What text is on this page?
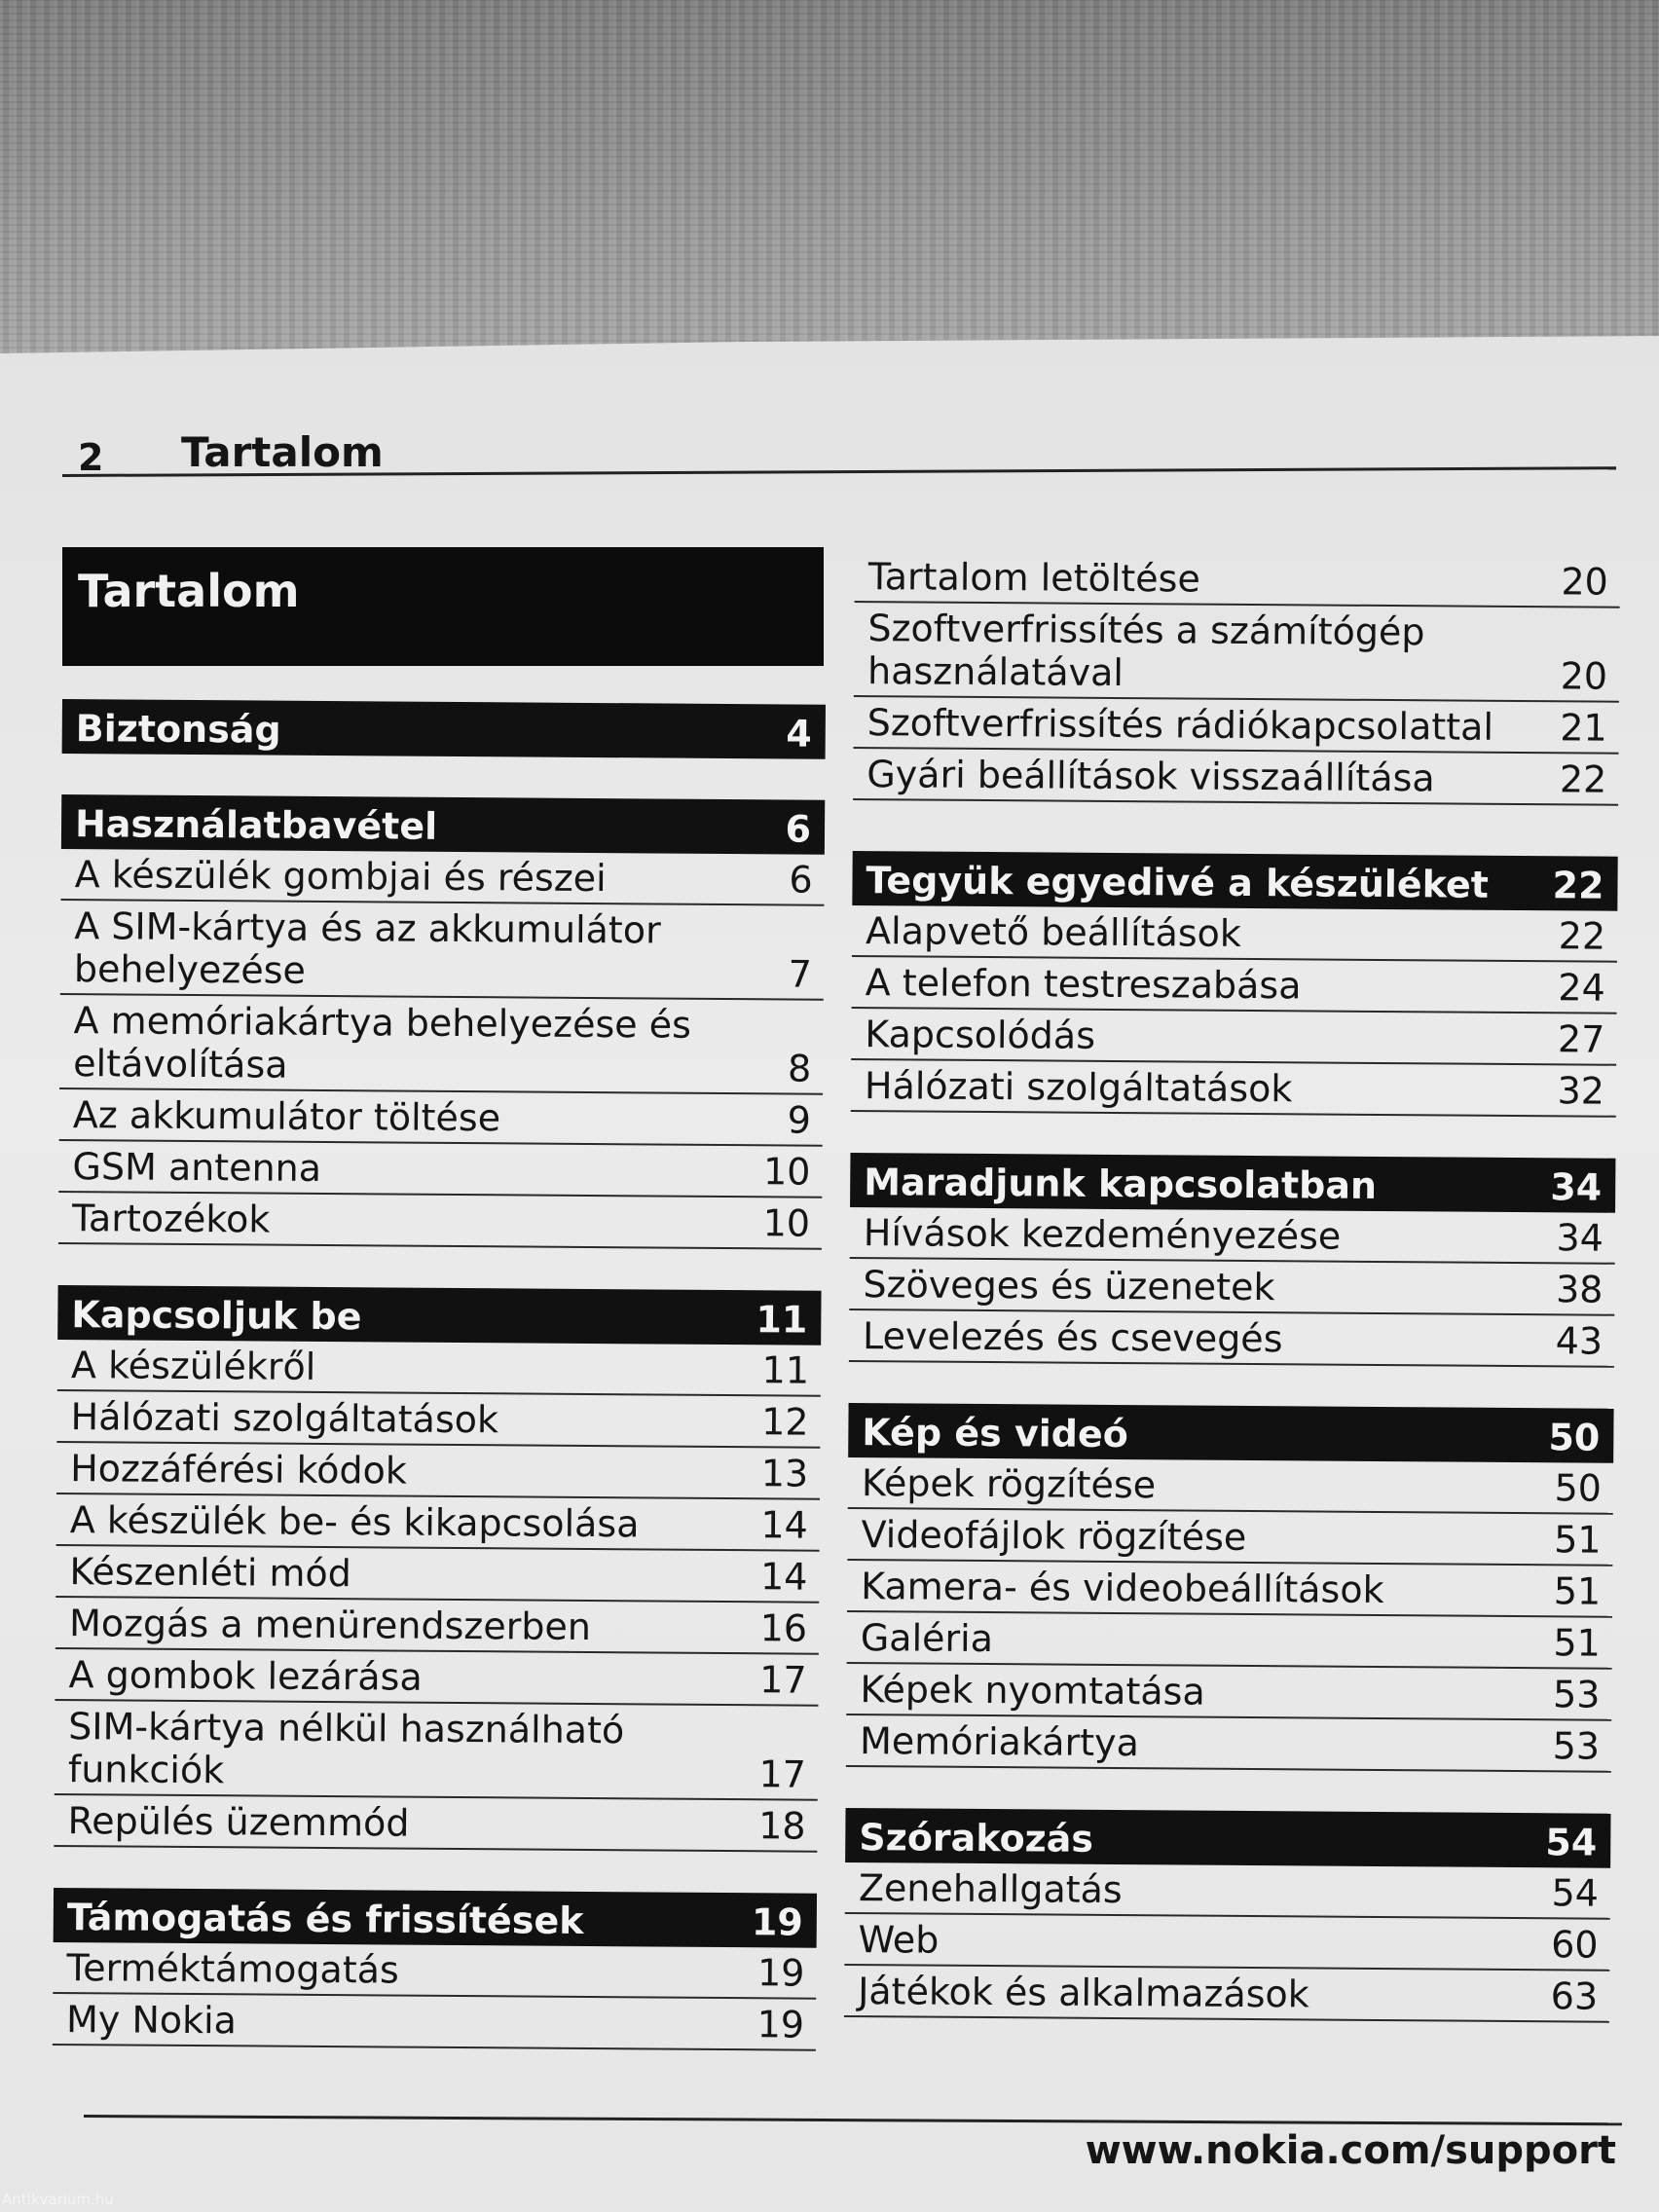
2 Tartalom
Tartalom
Biztonság	4
Használatbavétel	6
A készülék gombjai és részei	6
A SIM-kártya és az akkumulátor behelyezése	7
A memóriakártya behelyezése és eltávolítása	8
Az akkumulátor töltése	9
GSM antenna	10
Tartozékok	10
Kapcsoljuk be	11
A készülékről	11
Hálózati szolgáltatások	12
Hozzáférési kódok	13
A készülék be- és kikapcsolása	14
Készenléti mód	14
Mozgás a menürendszerben	16
A gombok lezárása	17
SIM-kártya nélkül használható funkciók	17
Repülés üzemmód	18
Támogatás és frissítések	19
Terméktámogatás	19
My Nokia	19
Tartalom letöltése	20
Szoftverfrissítés a számítógép használatával	20
Szoftverfrissítés rádiókapcsolattal	21
Gyári beállítások visszaállítása	22
Tegyük egyedivé a készüléket 22
Alapvető beállítások	22
A telefon testreszabása	24
Kapcsolódás	27
Hálózati szolgáltatások	32
Maradjunk kapcsolatban	34
Hívások kezdeményezése	34
Szöveges és üzenetek	38
Levelezés és csevegés	43
Kép és videó	50
Képek rögzítése	50
Videofájlok rögzítése	51
Kamera- és videobeállítások	51
Galéria	51
Képek nyomtatása	53
Memóriakártya	53
Szórakozás	54
Zenehallgatás	54
Web	60
Játékok és alkalmazások	63
www.nokia.com/support
Antikvarium.hu
